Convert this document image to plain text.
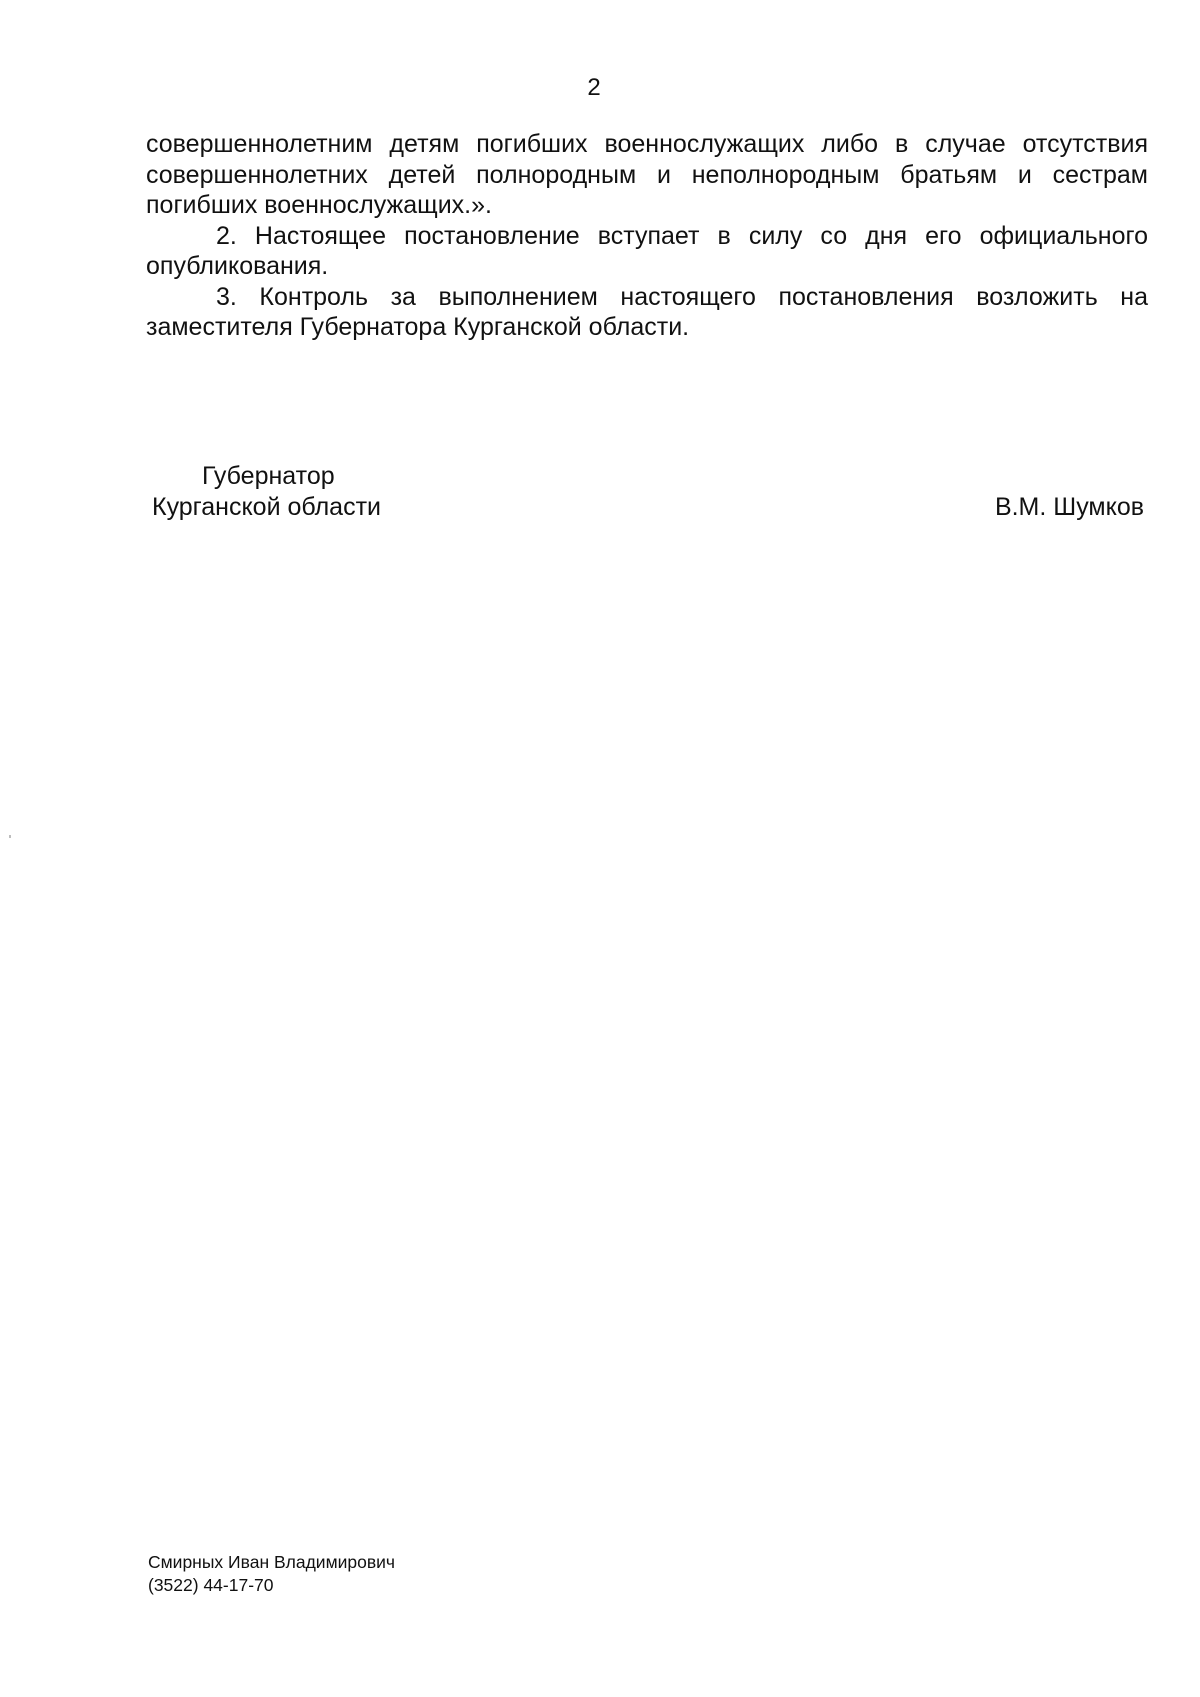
2

совершеннолетним детям погибших военнослужащих либо в случае отсутствия совершеннолетних детей полнородным и неполнородным братьям и сестрам погибших военнослужащих.».

2. Настоящее постановление вступает в силу со дня его официального опубликования.

3. Контроль за выполнением настоящего постановления возложить на заместителя Губернатора Курганской области.

Губернатор
Курганской области	В.М. Шумков
Смирных Иван Владимирович
(3522) 44-17-70
